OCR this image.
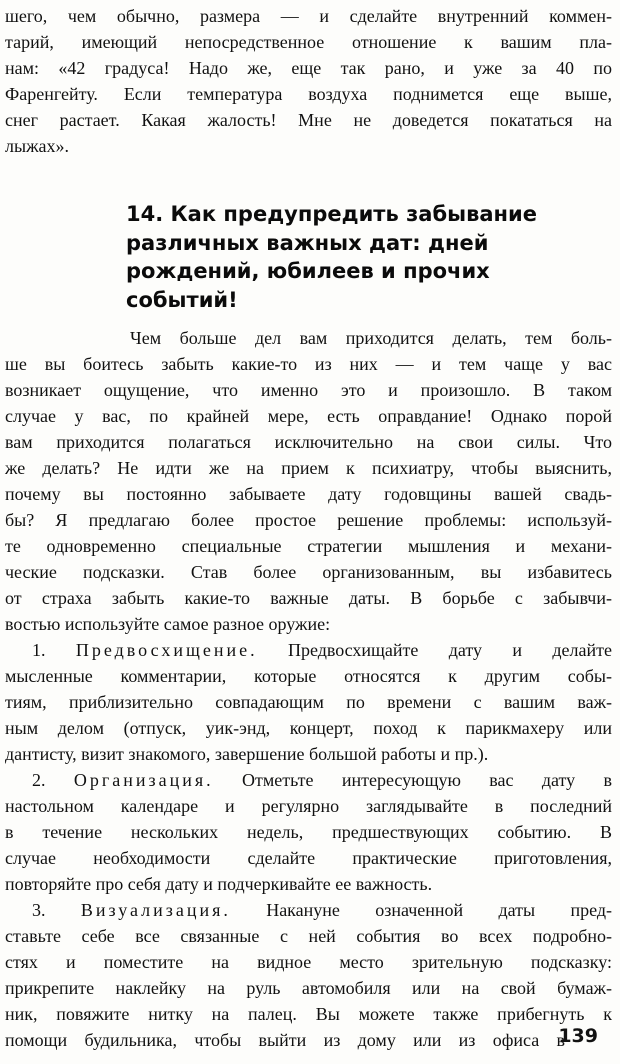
шего, чем обычно, размера — и сделайте внутренний коммен-
тарий, имеющий непосредственное отношение к вашим пла-
нам: «42 градуса! Надо же, еще так рано, и уже за 40 по
Фаренгейту. Если температура воздуха поднимется еще выше,
снег растает. Какая жалость! Мне не доведется покататься на
лыжах».
14. Как предупредить забывание
различных важных дат: дней
рождений, юбилеев и прочих
событий!
Чем больше дел вам приходится делать, тем боль-
ше вы боитесь забыть какие-то из них — и тем чаще у вас
возникает ощущение, что именно это и произошло. В таком
случае у вас, по крайней мере, есть оправдание! Однако порой
вам приходится полагаться исключительно на свои силы. Что
же делать? Не идти же на прием к психиатру, чтобы выяснить,
почему вы постоянно забываете дату годовщины вашей свадь-
бы? Я предлагаю более простое решение проблемы: используй-
те одновременно специальные стратегии мышления и механи-
ческие подсказки. Став более организованным, вы избавитесь
от страха забыть какие-то важные даты. В борьбе с забывчи-
востью используйте самое разное оружие:
1. Предвосхищение. Предвосхищайте дату и делайте
мысленные комментарии, которые относятся к другим собы-
тиям, приблизительно совпадающим по времени с вашим важ-
ным делом (отпуск, уик-энд, концерт, поход к парикмахеру или
дантисту, визит знакомого, завершение большой работы и пр.).
2. Организация. Отметьте интересующую вас дату в
настольном календаре и регулярно заглядывайте в последний
в течение нескольких недель, предшествующих событию. В
случае необходимости сделайте практические приготовления,
повторяйте про себя дату и подчеркивайте ее важность.
3. Визуализация. Накануне означенной даты пред-
ставьте себе все связанные с ней события во всех подробно-
стях и поместите на видное место зрительную подсказку:
прикрепите наклейку на руль автомобиля или на свой бумаж-
ник, повяжите нитку на палец. Вы можете также прибегнуть к
помощи будильника, чтобы выйти из дому или из офиса в
139
